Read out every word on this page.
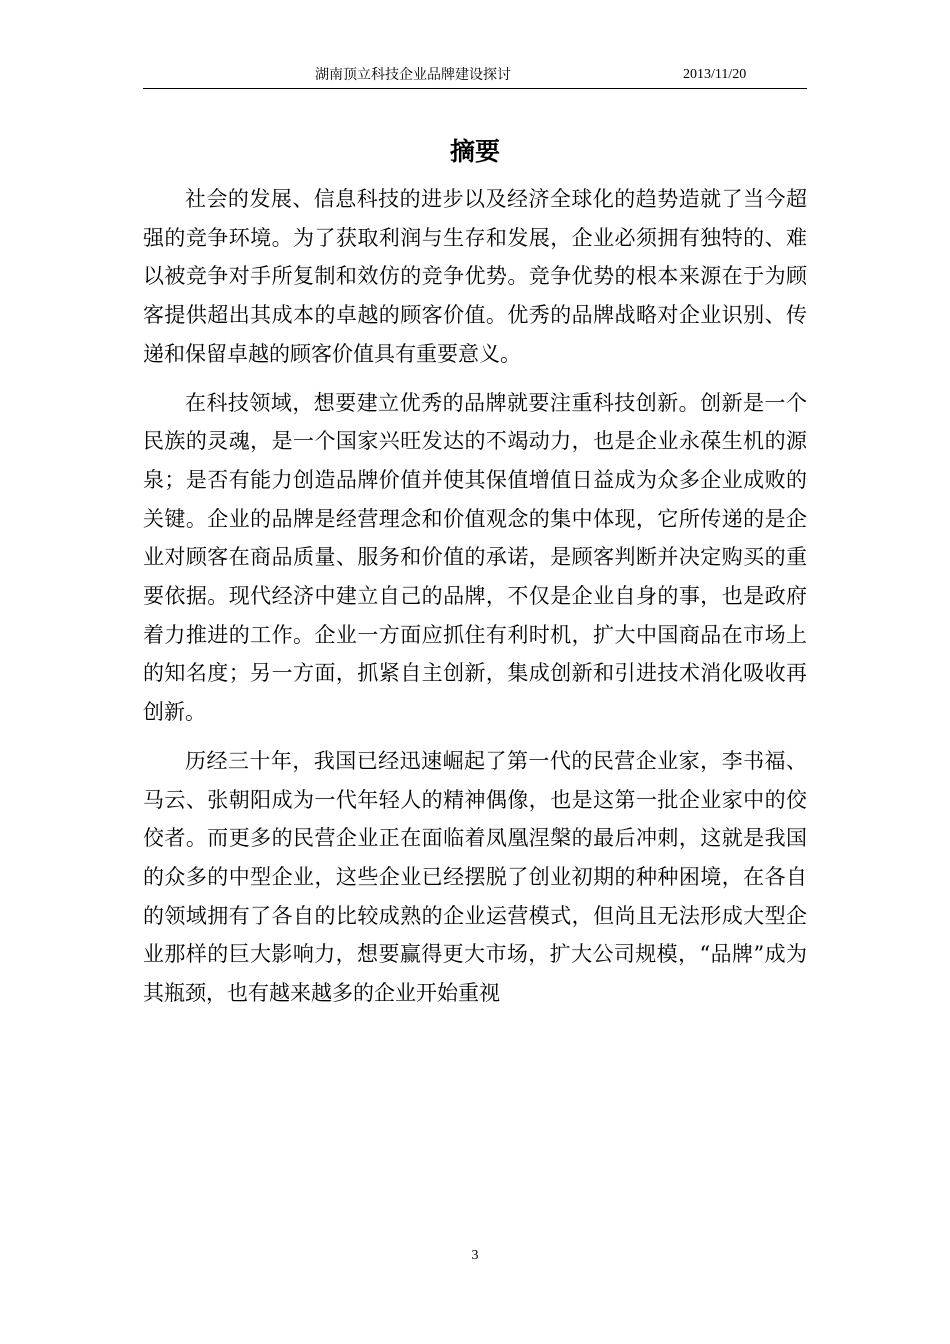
湖南顶立科技企业品牌建设探讨	2013/11/20
摘要

社会的发展、信息科技的进步以及经济全球化的趋势造就了当今超强的竞争环境。为了获取利润与生存和发展，企业必须拥有独特的、难以被竞争对手所复制和效仿的竞争优势。竞争优势的根本来源在于为顾客提供超出其成本的卓越的顾客价值。优秀的品牌战略对企业识别、传递和保留卓越的顾客价值具有重要意义。

在科技领域，想要建立优秀的品牌就要注重科技创新。创新是一个民族的灵魂，是一个国家兴旺发达的不竭动力，也是企业永葆生机的源泉；是否有能力创造品牌价值并使其保值增值日益成为众多企业成败的关键。企业的品牌是经营理念和价值观念的集中体现，它所传递的是企业对顾客在商品质量、服务和价值的承诺，是顾客判断并决定购买的重要依据。现代经济中建立自己的品牌，不仅是企业自身的事，也是政府着力推进的工作。企业一方面应抓住有利时机，扩大中国商品在市场上的知名度；另一方面，抓紧自主创新，集成创新和引进技术消化吸收再创新。

历经三十年，我国已经迅速崛起了第一代的民营企业家，李书福、马云、张朝阳成为一代年轻人的精神偶像，也是这第一批企业家中的佼佼者。而更多的民营企业正在面临着凤凰涅槃的最后冲刺，这就是我国的众多的中型企业，这些企业已经摆脱了创业初期的种种困境，在各自的领域拥有了各自的比较成熟的企业运营模式，但尚且无法形成大型企业那样的巨大影响力，想要赢得更大市场，扩大公司规模，“品牌”成为其瓶颈，也有越来越多的企业开始重视

3
